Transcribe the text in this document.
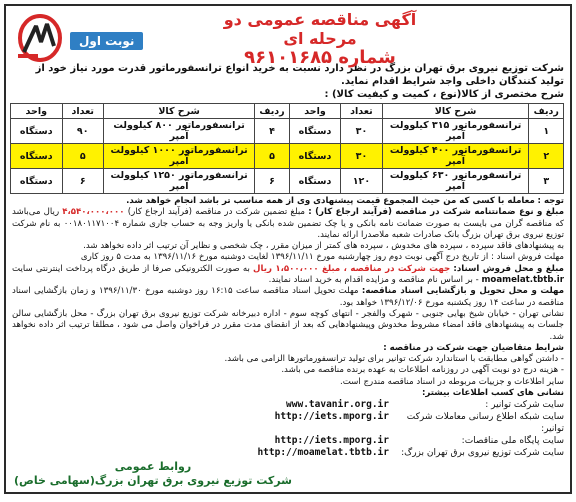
نوبت اول
آگهی مناقصه عمومی دو مرحله ای
شماره ۹۶۱۰۱۶۸۵
شرکت توزیع نیروی برق تهران بزرگ در نظر دارد نسبت به خرید انواع ترانسفورماتور قدرت مورد نیاز خود از تولید کنندگان داخلی واجد شرایط اقدام نماید.
شرح مختصری از کالا(نوع ، کمیت و کیفیت کالا) :
ردیف	شرح کالا	تعداد	واحد	ردیف	شرح کالا	تعداد	واحد
۱	ترانسفورماتور ۳۱۵ کیلوولت آمپر	۳۰	دستگاه	۴	ترانسفورماتور ۸۰۰ کیلوولت آمپر	۹۰	دستگاه
۲	ترانسفورماتور ۴۰۰ کیلوولت آمپر	۳۰	دستگاه	۵	ترانسفورماتور ۱۰۰۰ کیلوولت آمپر	۵	دستگاه
۳	ترانسفورماتور ۶۳۰ کیلوولت آمپر	۱۲۰	دستگاه	۶	ترانسفورماتور ۱۲۵۰ کیلوولت آمپر	۶	دستگاه

توجه : معامله با کسی که من حیث المجموع قیمت پیشنهادی وی از همه مناسب تر باشد انجام خواهد شد.

مبلغ و نوع ضمانتنامه شرکت در مناقصه (فرآیند ارجاع کار) : مبلغ تضمین شرکت در مناقصه (فرآیند ارجاع کار) ۴،۵۴۰،۰۰۰،۰۰۰ ریال می‌باشد که مناقصه گران می بایست به صورت ضمانت نامه بانکی و یا چک تضمین شده بانکی یا واریز وجه به حساب جاری شماره ۰۰۱۸۰۱۱۷۱۰۰۴ به نام شرکت توزیع نیروی برق تهران بزرگ بانک صادرات شعبه ملاصدرا ارائه نمایند.

به پیشنهادهای فاقد سپرده ، سپرده های مخدوش ، سپرده های کمتر از میزان مقرر ، چک شخصی و نظایر آن ترتیب اثر داده نخواهد شد.

مهلت فروش اسناد : از تاریخ درج آگهی نوبت دوم روز چهارشنبه مورخ ۱۳۹۶/۱۱/۱۱ لغایت دوشنبه مورخ ۱۳۹۶/۱۱/۱۶ به مدت ۵ روز کاری

مبلغ و محل فروش اسناد: جهت شرکت در مناقصه ، مبلغ ۱،۵۰۰،۰۰۰ ریال به صورت الکترونیکی صرفا از طریق درگاه پرداخت اینترنتی سایت moamelat.tbtb.ir - بر اساس نام مناقصه و مزایده اقدام به خرید اسناد نمایند.

مهلت و محل تحویل و بازگشایی اسناد مناقصه: مهلت تحویل اسناد مناقصه ساعت ۱۶:۱۵ روز دوشنبه مورخ ۱۳۹۶/۱۱/۳۰ و زمان بازگشایی اسناد مناقصه در ساعت ۱۴ روز یکشنبه مورخ ۱۳۹۶/۱۲/۰۶ خواهد بود.

نشانی تهران - خیابان شیخ بهایی جنوبی - شهرک والفجر - انتهای کوچه سوم - اداره دبیرخانه شرکت توزیع نیروی برق تهران بزرگ - محل بازگشایی سالن جلسات به پیشنهادهای فاقد امضاء مشروط مخدوش وپیشنهادهایی که بعد از انقضای مدت مقرر در فراخوان واصل می شود ، مطلقا ترتیب اثر داده نخواهد شد.

شرایط متقاضیان جهت شرکت در مناقصه :

- داشتن گواهی مطابقت با استاندارد شرکت توانیر برای تولید ترانسفورماتورها الزامی می باشد.

- هزینه درج دو نوبت آگهی در روزنامه اطلاعات به عهده برنده مناقصه می باشد.

سایر اطلاعات و جزییات مربوطه در اسناد مناقصه مندرج است.

نشانی های کسب اطلاعات بیشتر:

سایت شرکت توانیر :
www.tavanir.org.ir
سایت شبکه اطلاع رسانی معاملات شرکت توانیر:
http://iets.mporg.ir
سایت پایگاه ملی مناقصات:
http://iets.mporg.ir
سایت شرکت توزیع نیروی برق تهران بزرگ:
http://moamelat.tbtb.ir
روابط عمومی
شرکت توزیع نیروی برق تهران بزرگ(سهامی خاص)
